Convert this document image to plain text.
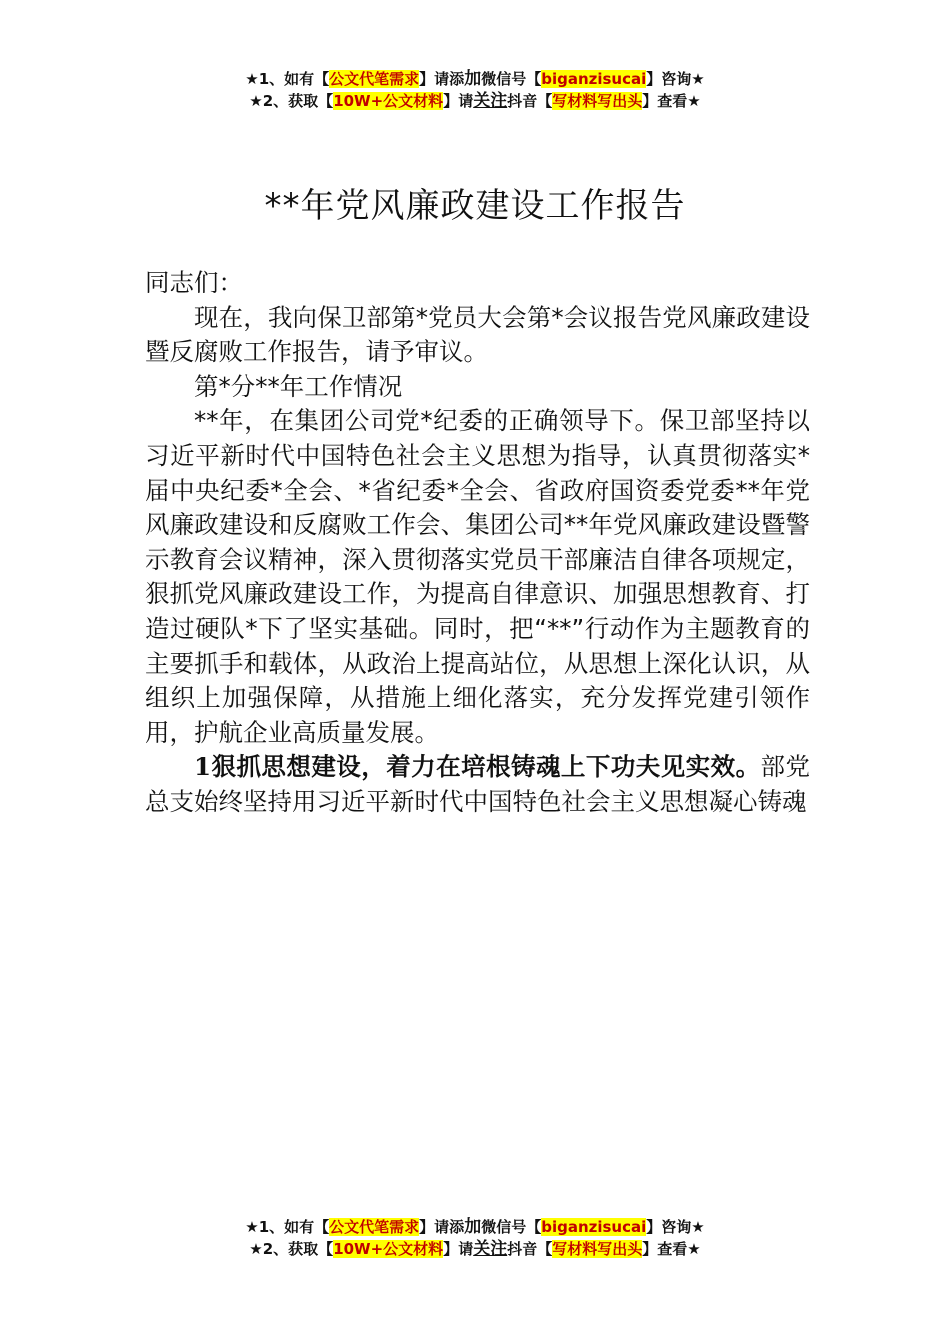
★1、如有【公文代笔需求】请添加微信号【biganzisucai】咨询★
★2、获取【10W+公文材料】请关注抖音【写材料写出头】查看★
**年党风廉政建设工作报告

同志们：

现在，我向保卫部第*党员大会第*会议报告党风廉政建设暨反腐败工作报告，请予审议。

第*分**年工作情况

**年，在集团公司党*纪委的正确领导下。保卫部坚持以习近平新时代中国特色社会主义思想为指导，认真贯彻落实*届中央纪委*全会、*省纪委*全会、省政府国资委党委**年党风廉政建设和反腐败工作会、集团公司**年党风廉政建设暨警示教育会议精神，深入贯彻落实党员干部廉洁自律各项规定，狠抓党风廉政建设工作，为提高自律意识、加强思想教育、打造过硬队*下了坚实基础。同时，把“**”行动作为主题教育的主要抓手和载体，从政治上提高站位，从思想上深化认识，从组织上加强保障，从措施上细化落实，充分发挥党建引领作用，护航企业高质量发展。

1狠抓思想建设，着力在培根铸魂上下功夫见实效。部党总支始终坚持用习近平新时代中国特色社会主义思想凝心铸魂

★1、如有【公文代笔需求】请添加微信号【biganzisucai】咨询★
★2、获取【10W+公文材料】请关注抖音【写材料写出头】查看★
